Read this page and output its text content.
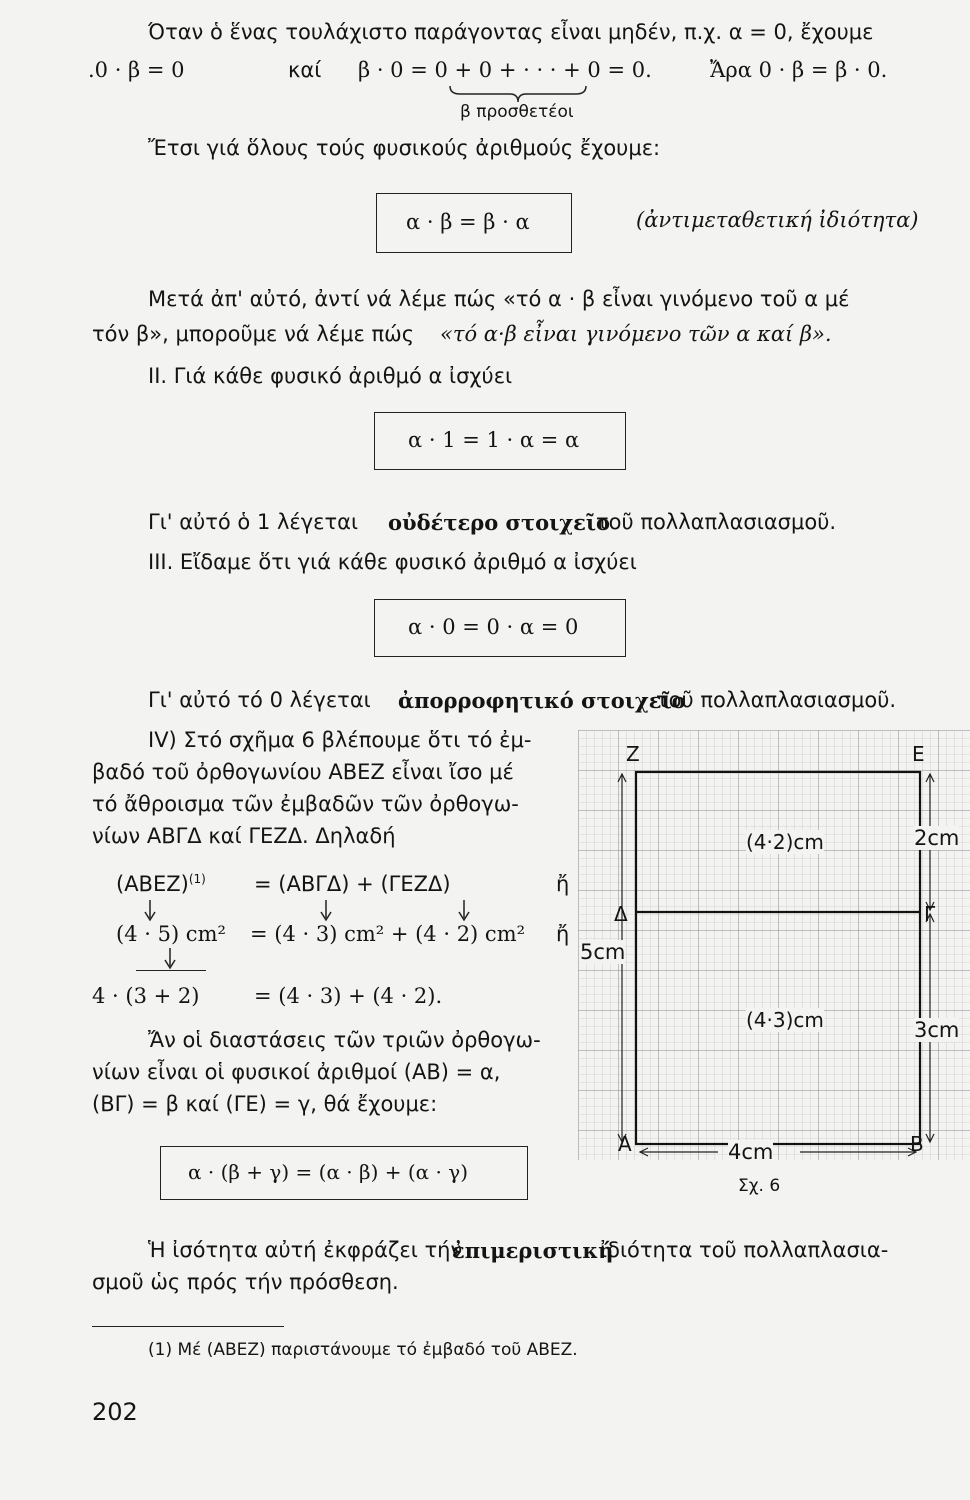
Όταν ὁ ἕνας τουλάχιστο παράγοντας εἶναι μηδέν, π.χ. α = 0, ἔχουμε
.0 · β = 0	καί β · 0 = 0 + 0 + · · · + 0 = 0.	Ἄρα 0 · β = β · 0.
β προσθετέοι
Ἔτσι γιά ὅλους τούς φυσικούς ἀριθμούς ἔχουμε:
α · β = β · α	(ἀντιμεταθετική ἰδιότητα)
Μετά ἀπ' αὐτό, ἀντί νά λέμε πώς «τό α · β εἶναι γινόμενο τοῦ α μέ
τόν β», μποροῦμε νά λέμε πώς «τό α·β εἶναι γινόμενο τῶν α καί β».
II. Γιά κάθε φυσικό ἀριθμό α ἰσχύει
α · 1 = 1 · α = α
Γι' αὐτό ὁ 1 λέγεται οὐδέτερο στοιχεῖο
τοῦ πολλαπλασιασμοῦ.
III. Εἴδαμε ὅτι γιά κάθε φυσικό ἀριθμό α ἰσχύει
α · 0 = 0 · α = 0
Γι' αὐτό τό 0 λέγεται ἀπορροφητικό στοιχεῖο
τοῦ πολλαπλασιασμοῦ.
IV) Στό σχῆμα 6 βλέπουμε ὅτι τό ἐμ-
βαδό τοῦ ὀρθογωνίου ΑΒΕΖ εἶναι ἴσο μέ
τό ἄθροισμα τῶν ἐμβαδῶν τῶν ὀρθογω-
νίων ΑΒΓΔ καί ΓΕΖΔ. Δηλαδή
$(ABEZ)^{(1)} = (AB\Gamma\Delta) + (\Gamma EZ\Delta)$	ἤ
(4 · 5) cm² = (4 · 3) cm² + (4 · 2) cm² ἤ
4 · (3 + 2)	= (4 · 3) + (4 · 2).
Ἄν οἱ διαστάσεις τῶν τριῶν ὀρθογω-
νίων εἶναι οἱ φυσικοί ἀριθμοί (ΑΒ) = α,
(ΒΓ) = β καί (ΓΕ) = γ, θά ἔχουμε:
α · (β + γ) = (α · β) + (α · γ)
Ἡ ἰσότητα αὐτή ἐκφράζει τήν
ἐπιμεριστική
ἰδιότητα τοῦ πολλαπλασια-
σμοῦ ὡς πρός τήν πρόσθεση.
(1) Μέ (ΑΒΕΖ) παριστάνουμε τό ἐμβαδό τοῦ ΑΒΕΖ.
202
Z	E
Δ	Γ
A	B
(4·2)cm
(4·3)cm
2cm
3cm
5cm
4cm
Σχ. 6
